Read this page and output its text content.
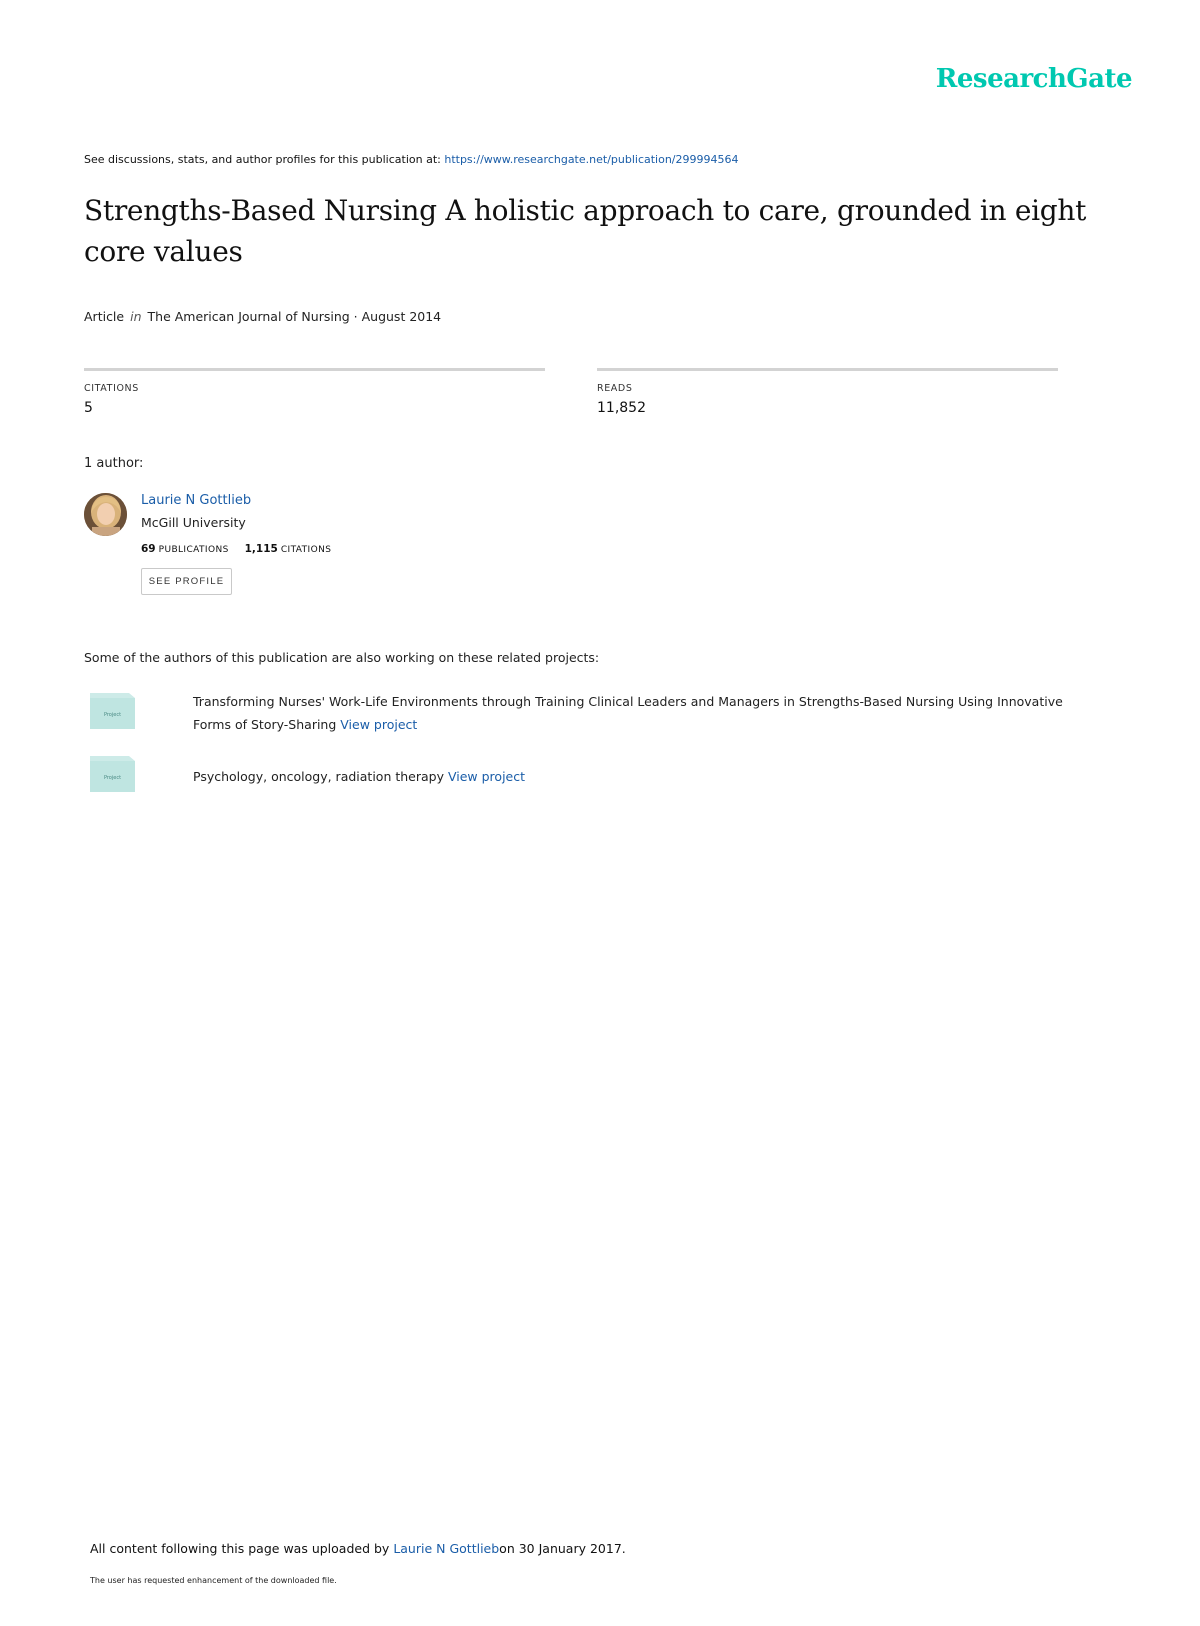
ResearchGate
See discussions, stats, and author profiles for this publication at: https://www.researchgate.net/publication/299994564
Strengths-Based Nursing A holistic approach to care, grounded in eight core values
Article in The American Journal of Nursing · August 2014
CITATIONS
5
READS
11,852
1 author:
Laurie N Gottlieb
McGill University
69 PUBLICATIONS 1,115 CITATIONS
SEE PROFILE
Some of the authors of this publication are also working on these related projects:
Project
Transforming Nurses' Work-Life Environments through Training Clinical Leaders and Managers in Strengths-Based Nursing Using Innovative Forms of Story-Sharing View project
Project	Psychology, oncology, radiation therapy View project
All content following this page was uploaded by Laurie N Gottliebon 30 January 2017.
The user has requested enhancement of the downloaded file.
